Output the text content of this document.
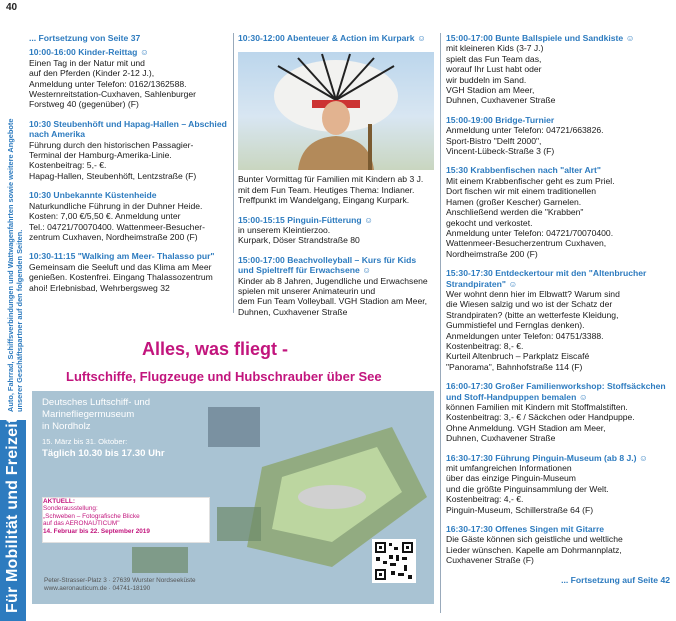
40
Auto, Fahrrad, Schiffsverbindungen und Wattwagenfahrten sowie weitere Angebote unserer Geschäftspartner auf den folgenden Seiten.
Für Mobilität und Freizeit
... Fortsetzung von Seite 37
10:00-16:00 Kinder-Reittag ☺
Einen Tag in der Natur mit und
auf den Pferden (Kinder 2-12 J.),
Anmeldung unter Telefon: 0162/1362588.
Westernreitstation-Cuxhaven, Sahlenburger
Forstweg 40 (gegenüber) (F)
10:30 Steubenhöft und Hapag-Hallen – Abschied nach Amerika
Führung durch den historischen Passagier-
Terminal der Hamburg-Amerika-Linie.
Kostenbeitrag: 5,- €.
Hapag-Hallen, Steubenhöft, Lentzstraße (F)
10:30 Unbekannte Küstenheide
Naturkundliche Führung in der Duhner Heide.
Kosten: 7,00 €/5,50 €. Anmeldung unter
Tel.: 04721/70070400. Wattenmeer-Besucher-
zentrum Cuxhaven, Nordheimstraße 200 (F)
10:30-11:15 "Walking am Meer- Thalasso pur"
Gemeinsam die Seeluft und das Klima am Meer
genießen. Kostenfrei. Eingang Thalassozentrum
ahoi! Erlebnisbad, Wehrbergsweg 32
10:30-12:00 Abenteuer & Action im Kurpark ☺
Bunter Vormittag für Familien mit Kindern ab 3 J.
mit dem Fun Team. Heutiges Thema: Indianer.
Treffpunkt im Wandelgang, Eingang Kurpark.
15:00-15:15 Pinguin-Fütterung ☺
in unserem Kleintierzoo.
Kurpark, Döser Strandstraße 80
15:00-17:00 Beachvolleyball – Kurs für Kids und Spieltreff für Erwachsene ☺
Kinder ab 8 Jahren, Jugendliche und Erwachsene
spielen mit unserer Animateurin und
dem Fun Team Volleyball. VGH Stadion am Meer,
Duhnen, Cuxhavener Straße
15:00-17:00 Bunte Ballspiele und Sandkiste ☺
mit kleineren Kids (3-7 J.)
spielt das Fun Team das,
worauf Ihr Lust habt oder
wir buddeln im Sand.
VGH Stadion am Meer,
Duhnen, Cuxhavener Straße
15:00-19:00 Bridge-Turnier
Anmeldung unter Telefon: 04721/663826.
Sport-Bistro "Delft 2000",
Vincent-Lübeck-Straße 3 (F)
15:30 Krabbenfischen nach "alter Art"
Mit einem Krabbenfischer geht es zum Priel.
Dort fischen wir mit einem traditionellen
Hamen (großer Kescher) Garnelen.
Anschließend werden die "Krabben"
gekocht und verkostet.
Anmeldung unter Telefon: 04721/70070400.
Wattenmeer-Besucherzentrum Cuxhaven,
Nordheimstraße 200 (F)
15:30-17:30 Entdeckertour mit den "Altenbrucher Strandpiraten" ☺
Wer wohnt denn hier im Elbwatt? Warum sind
die Wiesen salzig und wo ist der Schatz der
Strandpiraten? (bitte an wetterfeste Kleidung,
Gummistiefel und Fernglas denken).
Anmeldungen unter Telefon: 04751/3388.
Kostenbeitrag: 8,- €.
Kurteil Altenbruch – Parkplatz Eiscafé
"Panorama", Bahnhofstraße 114 (F)
16:00-17:30 Großer Familienworkshop: Stoffsäckchen und Stoff-Handpuppen bemalen ☺
können Familien mit Kindern mit Stoffmalstiften.
Kostenbeitrag: 3,- € / Säckchen oder Handpuppe.
Ohne Anmeldung. VGH Stadion am Meer,
Duhnen, Cuxhavener Straße
16:30-17:30 Führung Pinguin-Museum (ab 8 J.) ☺
mit umfangreichen Informationen
über das einzige Pinguin-Museum
und die größte Pinguinsammlung der Welt.
Kostenbeitrag: 4,- €.
Pinguin-Museum, Schillerstraße 64 (F)
16:30-17:30 Offenes Singen mit Gitarre
Die Gäste können sich geistliche und weltliche
Lieder wünschen. Kapelle am Dohrmannplatz,
Cuxhavener Straße (F)
... Fortsetzung auf Seite 42
AERONAUTICUM Alles, was fliegt -
Luftschiffe, Flugzeuge und Hubschrauber über See
Deutsches Luftschiff- und
Marinefliegermuseum
in Nordholz
15. März bis 31. Oktober:
Täglich 10.30 bis 17.30 Uhr
AKTUELL:
Sonderausstellung:
„Schweben – Fotografische Blicke
auf das AERONAUTICUM"
14. Februar bis 22. September 2019
Peter-Strasser-Platz 3 · 27639 Wurster Nordseeküste
www.aeronauticum.de · 04741-18190
